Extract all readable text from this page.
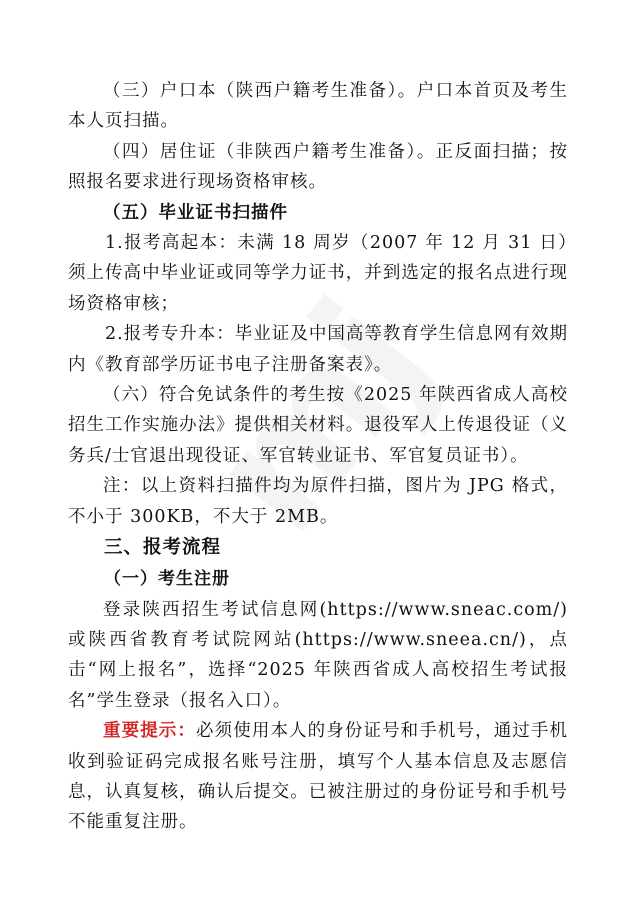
（三）户口本（陕西户籍考生准备）。户口本首页及考生本人页扫描。

（四）居住证（非陕西户籍考生准备）。正反面扫描；按照报名要求进行现场资格审核。

（五）毕业证书扫描件

1.报考高起本：未满 18 周岁（2007 年 12 月 31 日）须上传高中毕业证或同等学力证书，并到选定的报名点进行现场资格审核；

2.报考专升本：毕业证及中国高等教育学生信息网有效期内《教育部学历证书电子注册备案表》。

（六）符合免试条件的考生按《2025 年陕西省成人高校招生工作实施办法》提供相关材料。退役军人上传退役证（义务兵/士官退出现役证、军官转业证书、军官复员证书）。

注：以上资料扫描件均为原件扫描，图片为 JPG 格式，不小于 300KB，不大于 2MB。

三、报考流程

（一）考生注册

登录陕西招生考试信息网(https://www.sneac.com/)或陕西省教育考试院网站(https://www.sneea.cn/)，点击“网上报名”，选择“2025 年陕西省成人高校招生考试报名”学生登录（报名入口）。

重要提示：必须使用本人的身份证号和手机号，通过手机收到验证码完成报名账号注册，填写个人基本信息及志愿信息，认真复核，确认后提交。已被注册过的身份证号和手机号不能重复注册。
